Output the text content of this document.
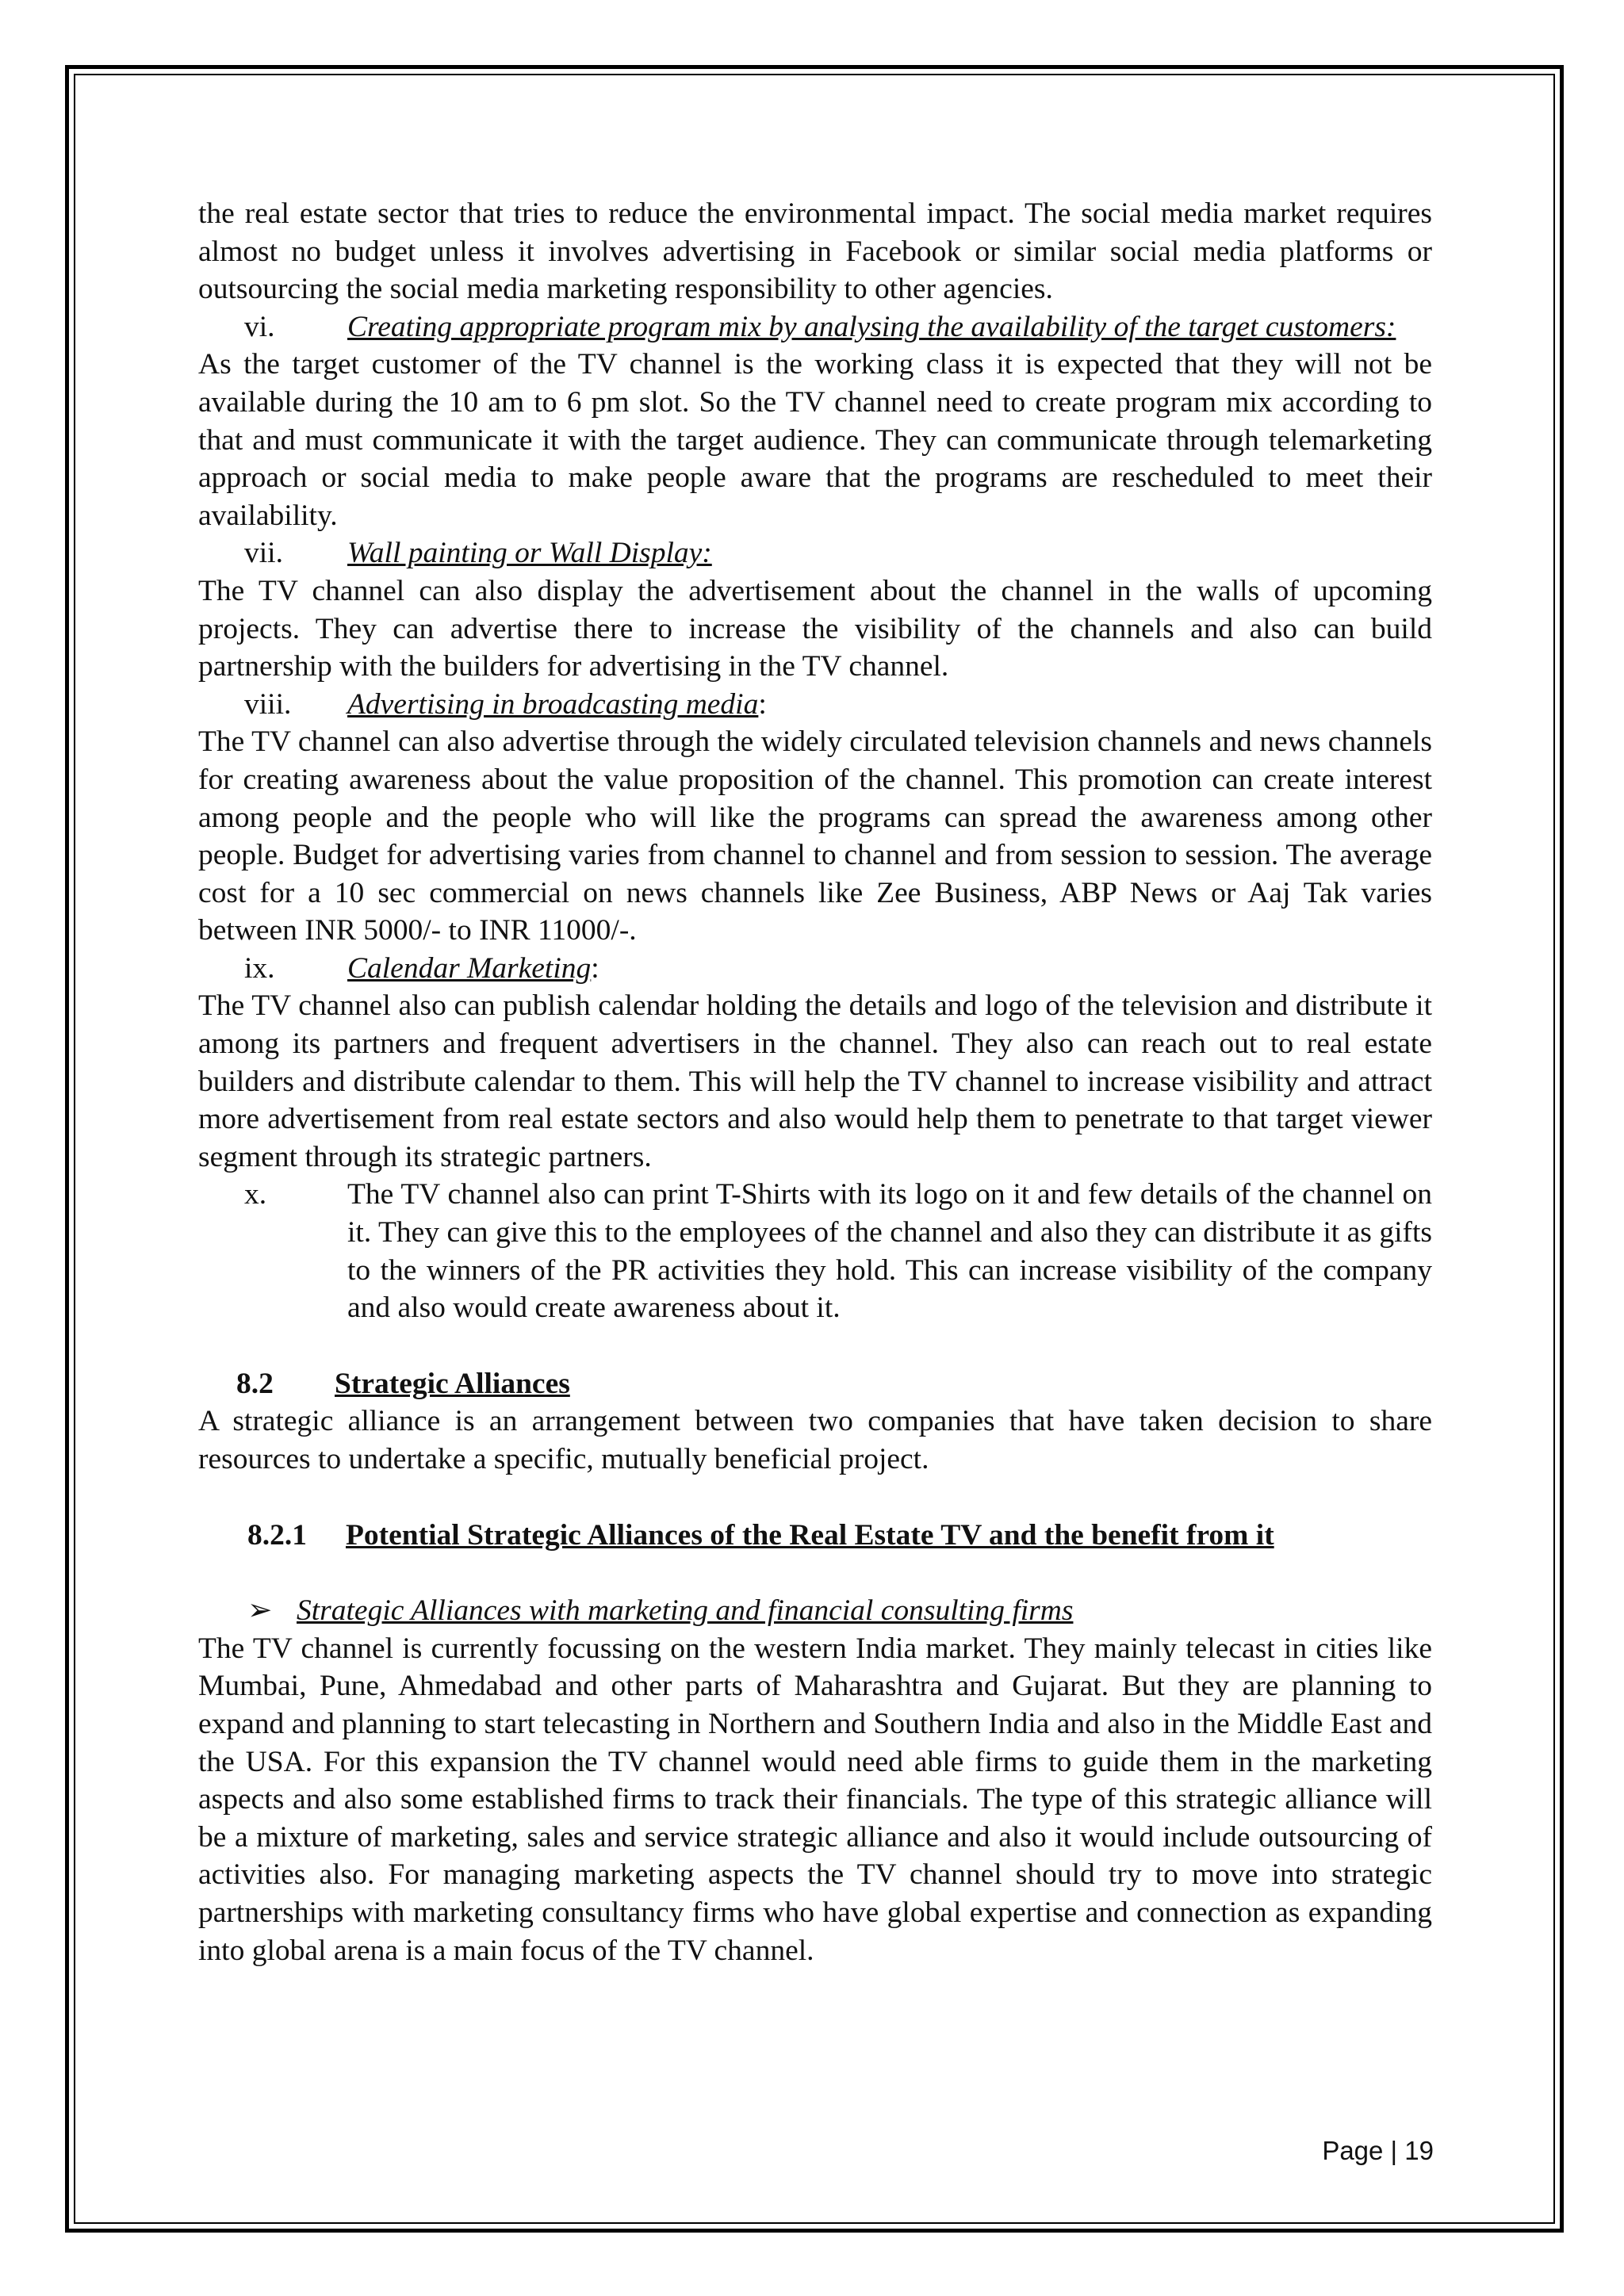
the real estate sector that tries to reduce the environmental impact. The social media market requires almost no budget unless it involves advertising in Facebook or similar social media platforms or outsourcing the social media marketing responsibility to other agencies.

vi.	Creating appropriate program mix by analysing the availability of the target customers:

As the target customer of the TV channel is the working class it is expected that they will not be available during the 10 am to 6 pm slot. So the TV channel need to create program mix according to that and must communicate it with the target audience. They can communicate through telemarketing approach or social media to make people aware that the programs are rescheduled to meet their availability.

vii.	Wall painting or Wall Display:

The TV channel can also display the advertisement about the channel in the walls of upcoming projects. They can advertise there to increase the visibility of the channels and also can build partnership with the builders for advertising in the TV channel.

viii.	Advertising in broadcasting media:

The TV channel can also advertise through the widely circulated television channels and news channels for creating awareness about the value proposition of the channel. This promotion can create interest among people and the people who will like the programs can spread the awareness among other people. Budget for advertising varies from channel to channel and from session to session. The average cost for a 10 sec commercial on news channels like Zee Business, ABP News or Aaj Tak varies between INR 5000/- to INR 11000/-.

ix.	Calendar Marketing:

The TV channel also can publish calendar holding the details and logo of the television and distribute it among its partners and frequent advertisers in the channel. They also can reach out to real estate builders and distribute calendar to them. This will help the TV channel to increase visibility and attract more advertisement from real estate sectors and also would help them to penetrate to that target viewer segment through its strategic partners.

x.	The TV channel also can print T-Shirts with its logo on it and few details of the channel on it. They can give this to the employees of the channel and also they can distribute it as gifts to the winners of the PR activities they hold. This can increase visibility of the company and also would create awareness about it.
8.2	Strategic Alliances

A strategic alliance is an arrangement between two companies that have taken decision to share resources to undertake a specific, mutually beneficial project.

8.2.1	Potential Strategic Alliances of the Real Estate TV and the benefit from it
➢ Strategic Alliances with marketing and financial consulting firms

The TV channel is currently focussing on the western India market. They mainly telecast in cities like Mumbai, Pune, Ahmedabad and other parts of Maharashtra and Gujarat. But they are planning to expand and planning to start telecasting in Northern and Southern India and also in the Middle East and the USA. For this expansion the TV channel would need able firms to guide them in the marketing aspects and also some established firms to track their financials. The type of this strategic alliance will be a mixture of marketing, sales and service strategic alliance and also it would include outsourcing of activities also. For managing marketing aspects the TV channel should try to move into strategic partnerships with marketing consultancy firms who have global expertise and connection as expanding into global arena is a main focus of the TV channel.

Page | 19
